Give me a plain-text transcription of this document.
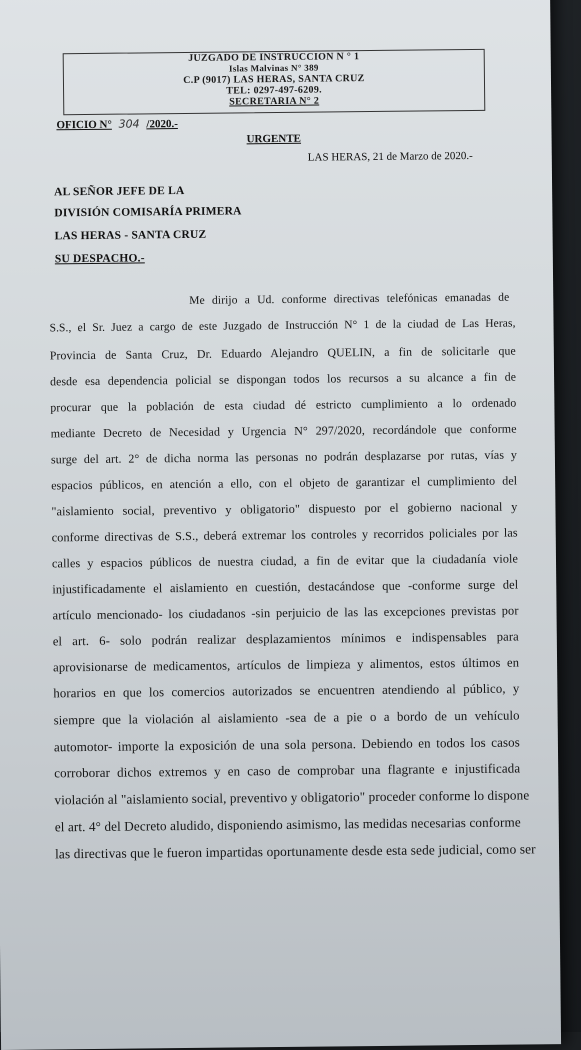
JUZGADO DE INSTRUCCION N ° 1
Islas Malvinas N° 389
C.P (9017) LAS HERAS, SANTA CRUZ
TEL: 0297-497-6209.
SECRETARIA N° 2
OFICIO N° 304 /2020.-
URGENTE
LAS HERAS, 21 de Marzo de 2020.-
AL SEÑOR JEFE DE LA
DIVISIÓN COMISARÍA PRIMERA
LAS HERAS - SANTA CRUZ
SU DESPACHO.-
Me dirijo a Ud. conforme directivas telefónicas emanadas de
S.S., el Sr. Juez a cargo de este Juzgado de Instrucción N° 1 de la ciudad de Las Heras,
Provincia de Santa Cruz, Dr. Eduardo Alejandro QUELIN, a fin de solicitarle que
desde esa dependencia policial se dispongan todos los recursos a su alcance a fin de
procurar que la población de esta ciudad dé estricto cumplimiento a lo ordenado
mediante Decreto de Necesidad y Urgencia N° 297/2020, recordándole que conforme
surge del art. 2° de dicha norma las personas no podrán desplazarse por rutas, vías y
espacios públicos, en atención a ello, con el objeto de garantizar el cumplimiento del
"aislamiento social, preventivo y obligatorio" dispuesto por el gobierno nacional y
conforme directivas de S.S., deberá extremar los controles y recorridos policiales por las
calles y espacios públicos de nuestra ciudad, a fin de evitar que la ciudadanía viole
injustificadamente el aislamiento en cuestión, destacándose que -conforme surge del
artículo mencionado- los ciudadanos -sin perjuicio de las las excepciones previstas por
el art. 6- solo podrán realizar desplazamientos mínimos e indispensables para
aprovisionarse de medicamentos, artículos de limpieza y alimentos, estos últimos en
horarios en que los comercios autorizados se encuentren atendiendo al público, y
siempre que la violación al aislamiento -sea de a pie o a bordo de un vehículo
automotor- importe la exposición de una sola persona. Debiendo en todos los casos
corroborar dichos extremos y en caso de comprobar una flagrante e injustificada
violación al "aislamiento social, preventivo y obligatorio" proceder conforme lo dispone
el art. 4° del Decreto aludido, disponiendo asimismo, las medidas necesarias conforme
las directivas que le fueron impartidas oportunamente desde esta sede judicial, como ser
